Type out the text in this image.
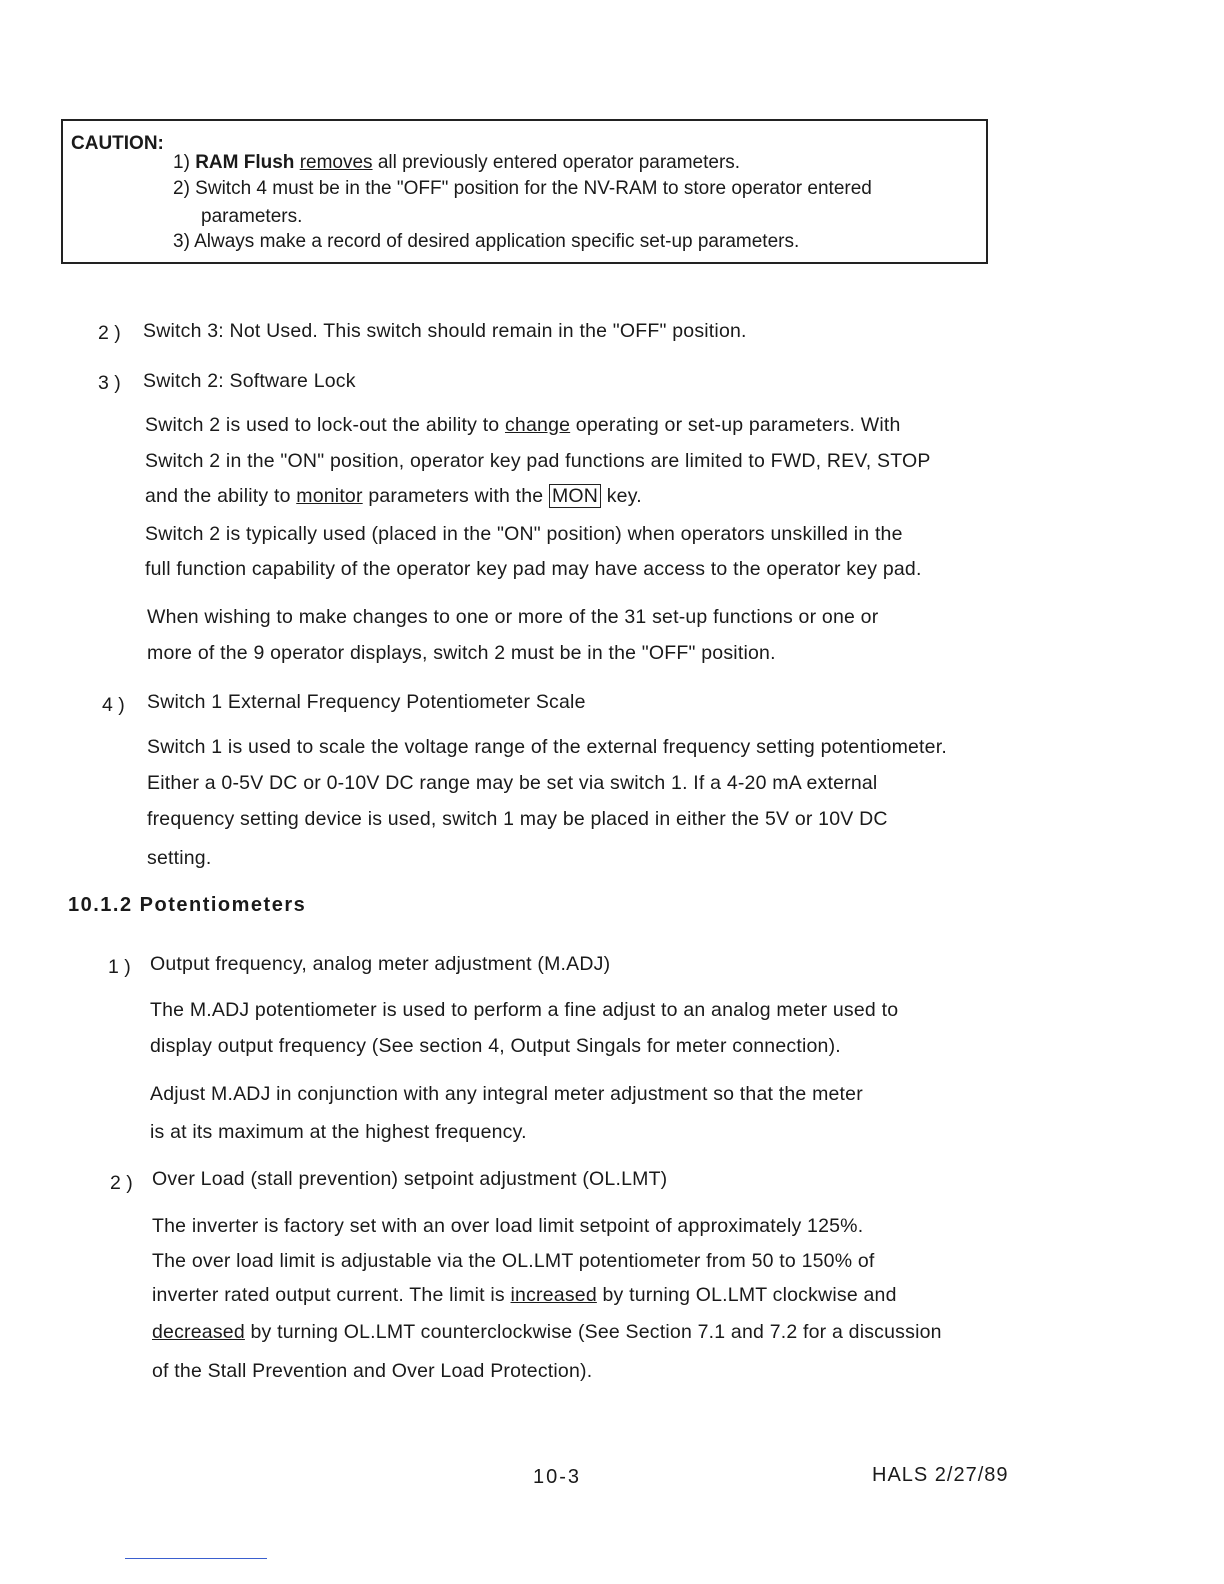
CAUTION:
1) RAM Flush removes all previously entered operator parameters.
2) Switch 4 must be in the "OFF" position for the NV-RAM to store operator entered
parameters.
3) Always make a record of desired application specific set-up parameters.
2 ) Switch 3: Not Used. This switch should remain in the "OFF" position.
3 ) Switch 2: Software Lock
Switch 2 is used to lock-out the ability to change operating or set-up parameters. With
Switch 2 in the "ON" position, operator key pad functions are limited to FWD, REV, STOP
and the ability to monitor parameters with the MON key.
Switch 2 is typically used (placed in the "ON" position) when operators unskilled in the
full function capability of the operator key pad may have access to the operator key pad.
When wishing to make changes to one or more of the 31 set-up functions or one or
more of the 9 operator displays, switch 2 must be in the "OFF" position.
4 ) Switch 1 External Frequency Potentiometer Scale
Switch 1 is used to scale the voltage range of the external frequency setting potentiometer.
Either a 0-5V DC or 0-10V DC range may be set via switch 1. If a 4-20 mA external
frequency setting device is used, switch 1 may be placed in either the 5V or 10V DC
setting.
10.1.2 Potentiometers
1 ) Output frequency, analog meter adjustment (M.ADJ)
The M.ADJ potentiometer is used to perform a fine adjust to an analog meter used to
display output frequency (See section 4, Output Singals for meter connection).
Adjust M.ADJ in conjunction with any integral meter adjustment so that the meter
is at its maximum at the highest frequency.
2 ) Over Load (stall prevention) setpoint adjustment (OL.LMT)
The inverter is factory set with an over load limit setpoint of approximately 125%.
The over load limit is adjustable via the OL.LMT potentiometer from 50 to 150% of
inverter rated output current. The limit is increased by turning OL.LMT clockwise and
decreased by turning OL.LMT counterclockwise (See Section 7.1 and 7.2 for a discussion
of the Stall Prevention and Over Load Protection).
10-3	HALS 2/27/89
